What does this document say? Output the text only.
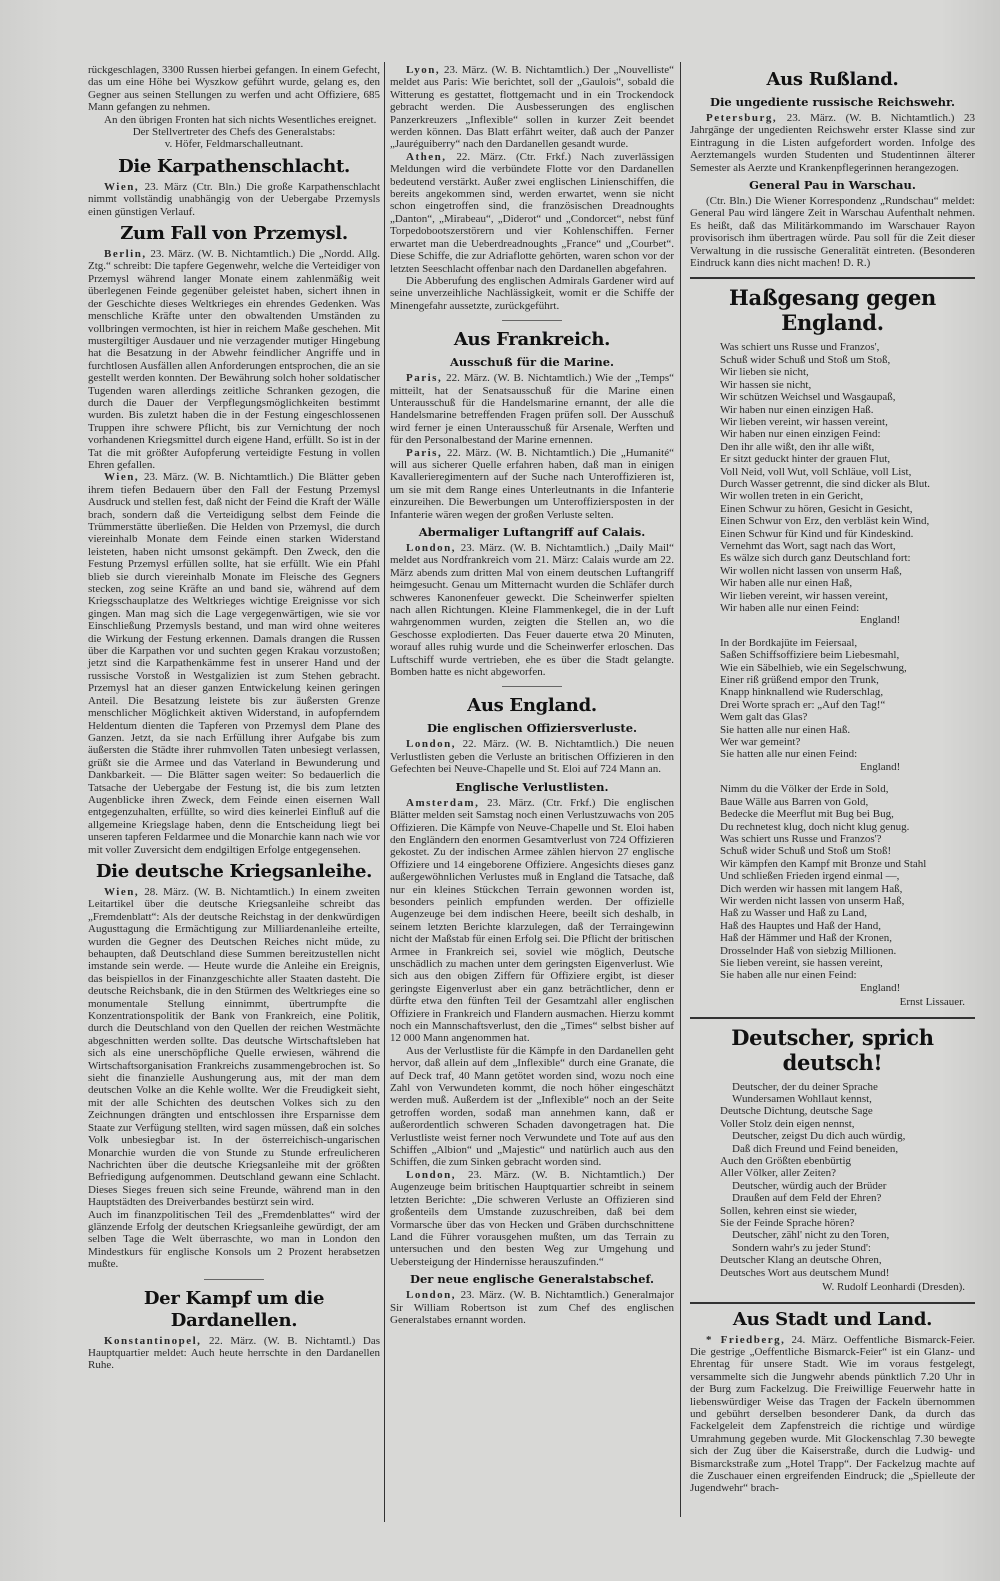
rückgeschlagen, 3300 Russen hierbei gefangen. In einem Gefecht, das um eine Höhe bei Wyszkow geführt wurde, gelang es, den Gegner aus seinen Stellungen zu werfen und acht Offiziere, 685 Mann gefangen zu nehmen.

An den übrigen Fronten hat sich nichts Wesentliches ereignet.

Der Stellvertreter des Chefs des Generalstabs:
v. Höfer, Feldmarschalleutnant.
Die Karpathenschlacht.

Wien, 23. März (Ctr. Bln.) Die große Karpathenschlacht nimmt vollständig unabhängig von der Uebergabe Przemysls einen günstigen Verlauf.

Zum Fall von Przemysl.

Berlin, 23. März. (W. B. Nichtamtlich.) Die „Nordd. Allg. Ztg.“ schreibt: Die tapfere Gegenwehr, welche die Verteidiger von Przemysl während langer Monate einem zahlenmäßig weit überlegenen Feinde gegenüber geleistet haben, sichert ihnen in der Geschichte dieses Weltkrieges ein ehrendes Gedenken. Was menschliche Kräfte unter den obwaltenden Umständen zu vollbringen vermochten, ist hier in reichem Maße geschehen. Mit mustergiltiger Ausdauer und nie verzagender mutiger Hingebung hat die Besatzung in der Abwehr feindlicher Angriffe und in furchtlosen Ausfällen allen Anforderungen entsprochen, die an sie gestellt werden konnten. Der Bewährung solch hoher soldatischer Tugenden waren allerdings zeitliche Schranken gezogen, die durch die Dauer der Verpflegungsmöglichkeiten bestimmt wurden. Bis zuletzt haben die in der Festung eingeschlossenen Truppen ihre schwere Pflicht, bis zur Vernichtung der noch vorhandenen Kriegsmittel durch eigene Hand, erfüllt. So ist in der Tat die mit größter Aufopferung verteidigte Festung in vollen Ehren gefallen.

Wien, 23. März. (W. B. Nichtamtlich.) Die Blätter geben ihrem tiefen Bedauern über den Fall der Festung Przemysl Ausdruck und stellen fest, daß nicht der Feind die Kraft der Wälle brach, sondern daß die Verteidigung selbst dem Feinde die Trümmerstätte überließen. Die Helden von Przemysl, die durch viereinhalb Monate dem Feinde einen starken Widerstand leisteten, haben nicht umsonst gekämpft. Den Zweck, den die Festung Przemysl erfüllen sollte, hat sie erfüllt. Wie ein Pfahl blieb sie durch viereinhalb Monate im Fleische des Gegners stecken, zog seine Kräfte an und band sie, während auf dem Kriegsschauplatze des Weltkrieges wichtige Ereignisse vor sich gingen. Man mag sich die Lage vergegenwärtigen, wie sie vor Einschließung Przemysls bestand, und man wird ohne weiteres die Wirkung der Festung erkennen. Damals drangen die Russen über die Karpathen vor und suchten gegen Krakau vorzustoßen; jetzt sind die Karpathenkämme fest in unserer Hand und der russische Vorstoß in Westgalizien ist zum Stehen gebracht. Przemysl hat an dieser ganzen Entwickelung keinen geringen Anteil. Die Besatzung leistete bis zur äußersten Grenze menschlicher Möglichkeit aktiven Widerstand, in aufopferndem Heldentum dienten die Tapferen von Przemysl dem Plane des Ganzen. Jetzt, da sie nach Erfüllung ihrer Aufgabe bis zum äußersten die Städte ihrer ruhmvollen Taten unbesiegt verlassen, grüßt sie die Armee und das Vaterland in Bewunderung und Dankbarkeit. — Die Blätter sagen weiter: So bedauerlich die Tatsache der Uebergabe der Festung ist, die bis zum letzten Augenblicke ihren Zweck, dem Feinde einen eisernen Wall entgegenzuhalten, erfüllte, so wird dies keinerlei Einfluß auf die allgemeine Kriegslage haben, denn die Entscheidung liegt bei unseren tapferen Feldarmee und die Monarchie kann nach wie vor mit voller Zuversicht dem endgiltigen Erfolge entgegensehen.

Die deutsche Kriegsanleihe.

Wien, 28. März. (W. B. Nichtamtlich.) In einem zweiten Leitartikel über die deutsche Kriegsanleihe schreibt das „Fremdenblatt“: Als der deutsche Reichstag in der denkwürdigen Augusttagung die Ermächtigung zur Milliardenanleihe erteilte, wurden die Gegner des Deutschen Reiches nicht müde, zu behaupten, daß Deutschland diese Summen bereitzustellen nicht imstande sein werde. — Heute wurde die Anleihe ein Ereignis, das beispiellos in der Finanzgeschichte aller Staaten dasteht. Die deutsche Reichsbank, die in den Stürmen des Weltkrieges eine so monumentale Stellung einnimmt, übertrumpfte die Konzentrationspolitik der Bank von Frankreich, eine Politik, durch die Deutschland von den Quellen der reichen Westmächte abgeschnitten werden sollte. Das deutsche Wirtschaftsleben hat sich als eine unerschöpfliche Quelle erwiesen, während die Wirtschaftsorganisation Frankreichs zusammengebrochen ist. So sieht die finanzielle Aushungerung aus, mit der man dem deutschen Volke an die Kehle wollte. Wer die Freudigkeit sieht, mit der alle Schichten des deutschen Volkes sich zu den Zeichnungen drängten und entschlossen ihre Ersparnisse dem Staate zur Verfügung stellten, wird sagen müssen, daß ein solches Volk unbesiegbar ist. In der österreichisch-ungarischen Monarchie wurden die von Stunde zu Stunde erfreulicheren Nachrichten über die deutsche Kriegsanleihe mit der größten Befriedigung aufgenommen. Deutschland gewann eine Schlacht. Dieses Sieges freuen sich seine Freunde, während man in den Hauptstädten des Dreiverbandes bestürzt sein wird.

Auch im finanzpolitischen Teil des „Fremdenblattes“ wird der glänzende Erfolg der deutschen Kriegsanleihe gewürdigt, der am selben Tage die Welt überraschte, wo man in London den Mindestkurs für englische Konsols um 2 Prozent herabsetzen mußte.

Der Kampf um die Dardanellen.

Konstantinopel, 22. März. (W. B. Nichtamtl.) Das Hauptquartier meldet: Auch heute herrschte in den Dardanellen Ruhe.

Lyon, 23. März. (W. B. Nichtamtlich.) Der „Nouvelliste“ meldet aus Paris: Wie berichtet, soll der „Gaulois“, sobald die Witterung es gestattet, flottgemacht und in ein Trockendock gebracht werden. Die Ausbesserungen des englischen Panzerkreuzers „Inflexible“ sollen in kurzer Zeit beendet werden können. Das Blatt erfährt weiter, daß auch der Panzer „Jauréguiberry“ nach den Dardanellen gesandt wurde.

Athen, 22. März. (Ctr. Frkf.) Nach zuverlässigen Meldungen wird die verbündete Flotte vor den Dardanellen bedeutend verstärkt. Außer zwei englischen Linienschiffen, die bereits angekommen sind, werden erwartet, wenn sie nicht schon eingetroffen sind, die französischen Dreadnoughts „Danton“, „Mirabeau“, „Diderot“ und „Condorcet“, nebst fünf Torpedobootszerstörern und vier Kohlenschiffen. Ferner erwartet man die Ueberdreadnoughts „France“ und „Courbet“. Diese Schiffe, die zur Adriaflotte gehörten, waren schon vor der letzten Seeschlacht offenbar nach den Dardanellen abgefahren.

Die Abberufung des englischen Admirals Gardener wird auf seine unverzeihliche Nachlässigkeit, womit er die Schiffe der Minengefahr aussetzte, zurückgeführt.

Aus Frankreich.
Ausschuß für die Marine.

Paris, 22. März. (W. B. Nichtamtlich.) Wie der „Temps“ mitteilt, hat der Senatsausschuß für die Marine einen Unterausschuß für die Handelsmarine ernannt, der alle die Handelsmarine betreffenden Fragen prüfen soll. Der Ausschuß wird ferner je einen Unterausschuß für Arsenale, Werften und für den Personalbestand der Marine ernennen.

Paris, 22. März. (W. B. Nichtamtlich.) Die „Humanité“ will aus sicherer Quelle erfahren haben, daß man in einigen Kavallerieregimentern auf der Suche nach Unteroffizieren ist, um sie mit dem Range eines Unterleutnants in die Infanterie einzureihen. Die Bewerbungen um Unteroffiziersposten in der Infanterie wären wegen der großen Verluste selten.

Abermaliger Luftangriff auf Calais.

London, 23. März. (W. B. Nichtamtlich.) „Daily Mail“ meldet aus Nordfrankreich vom 21. März: Calais wurde am 22. März abends zum dritten Mal von einem deutschen Luftangriff heimgesucht. Genau um Mitternacht wurden die Schläfer durch schweres Kanonenfeuer geweckt. Die Scheinwerfer spielten nach allen Richtungen. Kleine Flammenkegel, die in der Luft wahrgenommen wurden, zeigten die Stellen an, wo die Geschosse explodierten. Das Feuer dauerte etwa 20 Minuten, worauf alles ruhig wurde und die Scheinwerfer erloschen. Das Luftschiff wurde vertrieben, ehe es über die Stadt gelangte. Bomben hatte es nicht abgeworfen.

Aus England.
Die englischen Offiziersverluste.

London, 22. März. (W. B. Nichtamtlich.) Die neuen Verlustlisten geben die Verluste an britischen Offizieren in den Gefechten bei Neuve-Chapelle und St. Eloi auf 724 Mann an.

Englische Verlustlisten.

Amsterdam, 23. März. (Ctr. Frkf.) Die englischen Blätter melden seit Samstag noch einen Verlustzuwachs von 205 Offizieren. Die Kämpfe von Neuve-Chapelle und St. Eloi haben den Engländern den enormen Gesamtverlust von 724 Offizieren gekostet. Zu der indischen Armee zählen hiervon 27 englische Offiziere und 14 eingeborene Offiziere. Angesichts dieses ganz außergewöhnlichen Verlustes muß in England die Tatsache, daß nur ein kleines Stückchen Terrain gewonnen worden ist, besonders peinlich empfunden werden. Der offizielle Augenzeuge bei dem indischen Heere, beeilt sich deshalb, in seinem letzten Berichte klarzulegen, daß der Terraingewinn nicht der Maßstab für einen Erfolg sei. Die Pflicht der britischen Armee in Frankreich sei, soviel wie möglich, Deutsche unschädlich zu machen unter dem geringsten Eigenverlust. Wie sich aus den obigen Ziffern für Offiziere ergibt, ist dieser geringste Eigenverlust aber ein ganz beträchtlicher, denn er dürfte etwa den fünften Teil der Gesamtzahl aller englischen Offiziere in Frankreich und Flandern ausmachen. Hierzu kommt noch ein Mannschaftsverlust, den die „Times“ selbst bisher auf 12 000 Mann angenommen hat.

Aus der Verlustliste für die Kämpfe in den Dardanellen geht hervor, daß allein auf dem „Inflexible“ durch eine Granate, die auf Deck traf, 40 Mann getötet worden sind, wozu noch eine Zahl von Verwundeten kommt, die noch höher eingeschätzt werden muß. Außerdem ist der „Inflexible“ noch an der Seite getroffen worden, sodaß man annehmen kann, daß er außerordentlich schweren Schaden davongetragen hat. Die Verlustliste weist ferner noch Verwundete und Tote auf aus den Schiffen „Albion“ und „Majestic“ und natürlich auch aus den Schiffen, die zum Sinken gebracht worden sind.

London, 23. März. (W. B. Nichtamtlich.) Der Augenzeuge beim britischen Hauptquartier schreibt in seinem letzten Berichte: „Die schweren Verluste an Offizieren sind großenteils dem Umstande zuzuschreiben, daß bei dem Vormarsche über das von Hecken und Gräben durchschnittene Land die Führer vorausgehen mußten, um das Terrain zu untersuchen und den besten Weg zur Umgehung und Uebersteigung der Hindernisse herauszufinden.“

Der neue englische Generalstabschef.

London, 23. März. (W. B. Nichtamtlich.) Generalmajor Sir William Robertson ist zum Chef des englischen Generalstabes ernannt worden.

Aus Rußland.
Die ungediente russische Reichswehr.

Petersburg, 23. März. (W. B. Nichtamtlich.) 23 Jahrgänge der ungedienten Reichswehr erster Klasse sind zur Eintragung in die Listen aufgefordert worden. Infolge des Aerztemangels wurden Studenten und Studentinnen älterer Semester als Aerzte und Krankenpflegerinnen herangezogen.

General Pau in Warschau.

(Ctr. Bln.) Die Wiener Korrespondenz „Rundschau“ meldet: General Pau wird längere Zeit in Warschau Aufenthalt nehmen. Es heißt, daß das Militärkommando im Warschauer Rayon provisorisch ihm übertragen würde. Pau soll für die Zeit dieser Verwaltung in die russische Generalität eintreten. (Besonderen Eindruck kann dies nicht machen! D. R.)

Haßgesang gegen England.
Was schiert uns Russe und Franzos',
Schuß wider Schuß und Stoß um Stoß,
Wir lieben sie nicht,
Wir hassen sie nicht,
Wir schützen Weichsel und Wasgaupaß,
Wir haben nur einen einzigen Haß.
Wir lieben vereint, wir hassen vereint,
Wir haben nur einen einzigen Feind:
Den ihr alle wißt, den ihr alle wißt,
Er sitzt geduckt hinter der grauen Flut,
Voll Neid, voll Wut, voll Schläue, voll List,
Durch Wasser getrennt, die sind dicker als Blut.
Wir wollen treten in ein Gericht,
Einen Schwur zu hören, Gesicht in Gesicht,
Einen Schwur von Erz, den verbläst kein Wind,
Einen Schwur für Kind und für Kindeskind.
Vernehmt das Wort, sagt nach das Wort,
Es wälze sich durch ganz Deutschland fort:
Wir wollen nicht lassen von unserm Haß,
Wir haben alle nur einen Haß,
Wir lieben vereint, wir hassen vereint,
Wir haben alle nur einen Feind:
England!
In der Bordkajüte im Feiersaal,
Saßen Schiffsoffiziere beim Liebesmahl,
Wie ein Säbelhieb, wie ein Segelschwung,
Einer riß grüßend empor den Trunk,
Knapp hinknallend wie Ruderschlag,
Drei Worte sprach er: „Auf den Tag!“
Wem galt das Glas?
Sie hatten alle nur einen Haß.
Wer war gemeint?
Sie hatten alle nur einen Feind:
England!
Nimm du die Völker der Erde in Sold,
Baue Wälle aus Barren von Gold,
Bedecke die Meerflut mit Bug bei Bug,
Du rechnetest klug, doch nicht klug genug.
Was schiert uns Russe und Franzos'?
Schuß wider Schuß und Stoß um Stoß!
Wir kämpfen den Kampf mit Bronze und Stahl
Und schließen Frieden irgend einmal —,
Dich werden wir hassen mit langem Haß,
Wir werden nicht lassen von unserm Haß,
Haß zu Wasser und Haß zu Land,
Haß des Hauptes und Haß der Hand,
Haß der Hämmer und Haß der Kronen,
Drosselnder Haß von siebzig Millionen.
Sie lieben vereint, sie hassen vereint,
Sie haben alle nur einen Feind:
England!
Ernst Lissauer.
Deutscher, sprich deutsch!
Deutscher, der du deiner Sprache
Wundersamen Wohllaut kennst,
Deutsche Dichtung, deutsche Sage
Voller Stolz dein eigen nennst,
Deutscher, zeigst Du dich auch würdig,
Daß dich Freund und Feind beneiden,
Auch den Größten ebenbürtig
Aller Völker, aller Zeiten?
Deutscher, würdig auch der Brüder
Draußen auf dem Feld der Ehren?
Sollen, kehren einst sie wieder,
Sie der Feinde Sprache hören?
Deutscher, zähl' nicht zu den Toren,
Sondern wahr's zu jeder Stund':
Deutscher Klang an deutsche Ohren,
Deutsches Wort aus deutschem Mund!
W. Rudolf Leonhardi (Dresden).
Aus Stadt und Land.

* Friedberg, 24. März. Oeffentliche Bismarck-Feier. Die gestrige „Oeffentliche Bismarck-Feier“ ist ein Glanz- und Ehrentag für unsere Stadt. Wie im voraus festgelegt, versammelte sich die Jungwehr abends pünktlich 7.20 Uhr in der Burg zum Fackelzug. Die Freiwillige Feuerwehr hatte in liebenswürdiger Weise das Tragen der Fackeln übernommen und gebührt derselben besonderer Dank, da durch das Fackelgeleit dem Zapfenstreich die richtige und würdige Umrahmung gegeben wurde. Mit Glockenschlag 7.30 bewegte sich der Zug über die Kaiserstraße, durch die Ludwig- und Bismarckstraße zum „Hotel Trapp“. Der Fackelzug machte auf die Zuschauer einen ergreifenden Eindruck; die „Spielleute der Jugendwehr“ brach-
